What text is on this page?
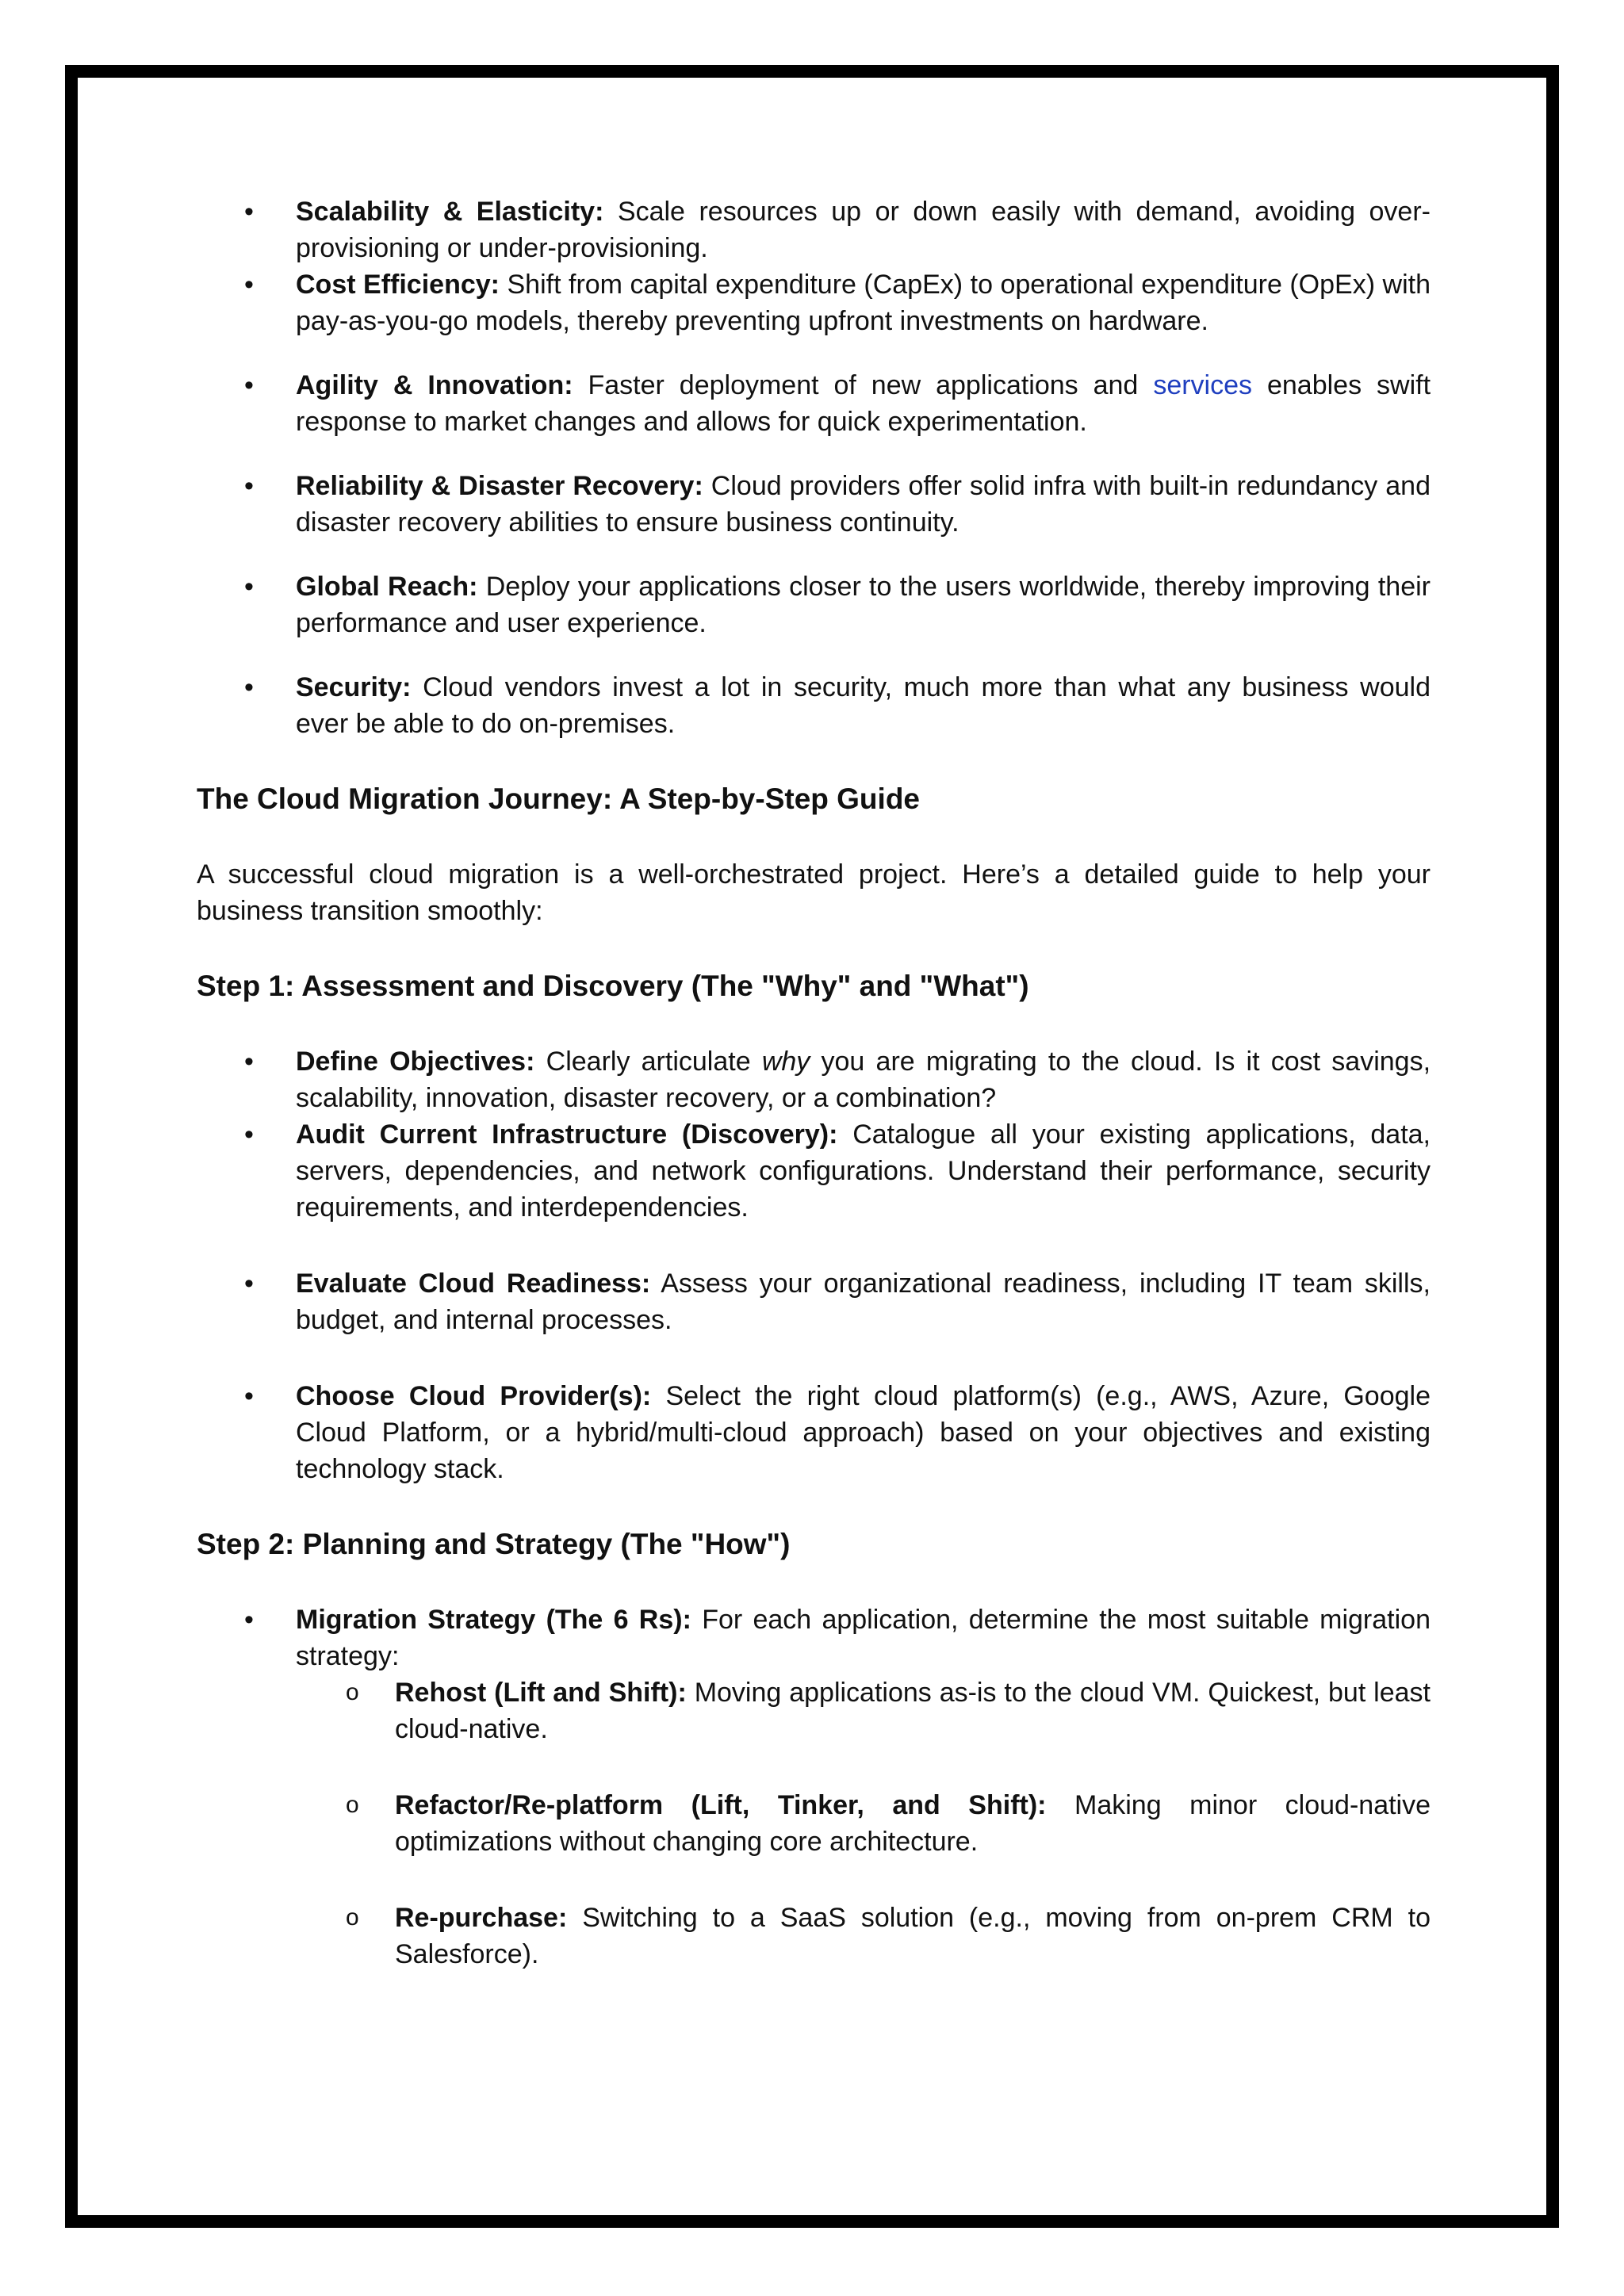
• Scalability & Elasticity: Scale resources up or down easily with demand, avoiding over-provisioning or under-provisioning.
• Cost Efficiency: Shift from capital expenditure (CapEx) to operational expenditure (OpEx) with pay-as-you-go models, thereby preventing upfront investments on hardware.
• Agility & Innovation: Faster deployment of new applications and services enables swift response to market changes and allows for quick experimentation.
• Reliability & Disaster Recovery: Cloud providers offer solid infra with built-in redundancy and disaster recovery abilities to ensure business continuity.
• Global Reach: Deploy your applications closer to the users worldwide, thereby improving their performance and user experience.
• Security: Cloud vendors invest a lot in security, much more than what any business would ever be able to do on-premises.
The Cloud Migration Journey: A Step-by-Step Guide

A successful cloud migration is a well-orchestrated project. Here’s a detailed guide to help your business transition smoothly:

Step 1: Assessment and Discovery (The "Why" and "What")
• Define Objectives: Clearly articulate why you are migrating to the cloud. Is it cost savings, scalability, innovation, disaster recovery, or a combination?
• Audit Current Infrastructure (Discovery): Catalogue all your existing applications, data, servers, dependencies, and network configurations. Understand their performance, security requirements, and interdependencies.
• Evaluate Cloud Readiness: Assess your organizational readiness, including IT team skills, budget, and internal processes.
• Choose Cloud Provider(s): Select the right cloud platform(s) (e.g., AWS, Azure, Google Cloud Platform, or a hybrid/multi-cloud approach) based on your objectives and existing technology stack.
Step 2: Planning and Strategy (The "How")
• Migration Strategy (The 6 Rs): For each application, determine the most suitable migration strategy:
o Rehost (Lift and Shift): Moving applications as-is to the cloud VM. Quickest, but least cloud-native.
o Refactor/Re-platform (Lift, Tinker, and Shift): Making minor cloud-native optimizations without changing core architecture.
o Re-purchase: Switching to a SaaS solution (e.g., moving from on-prem CRM to Salesforce).
